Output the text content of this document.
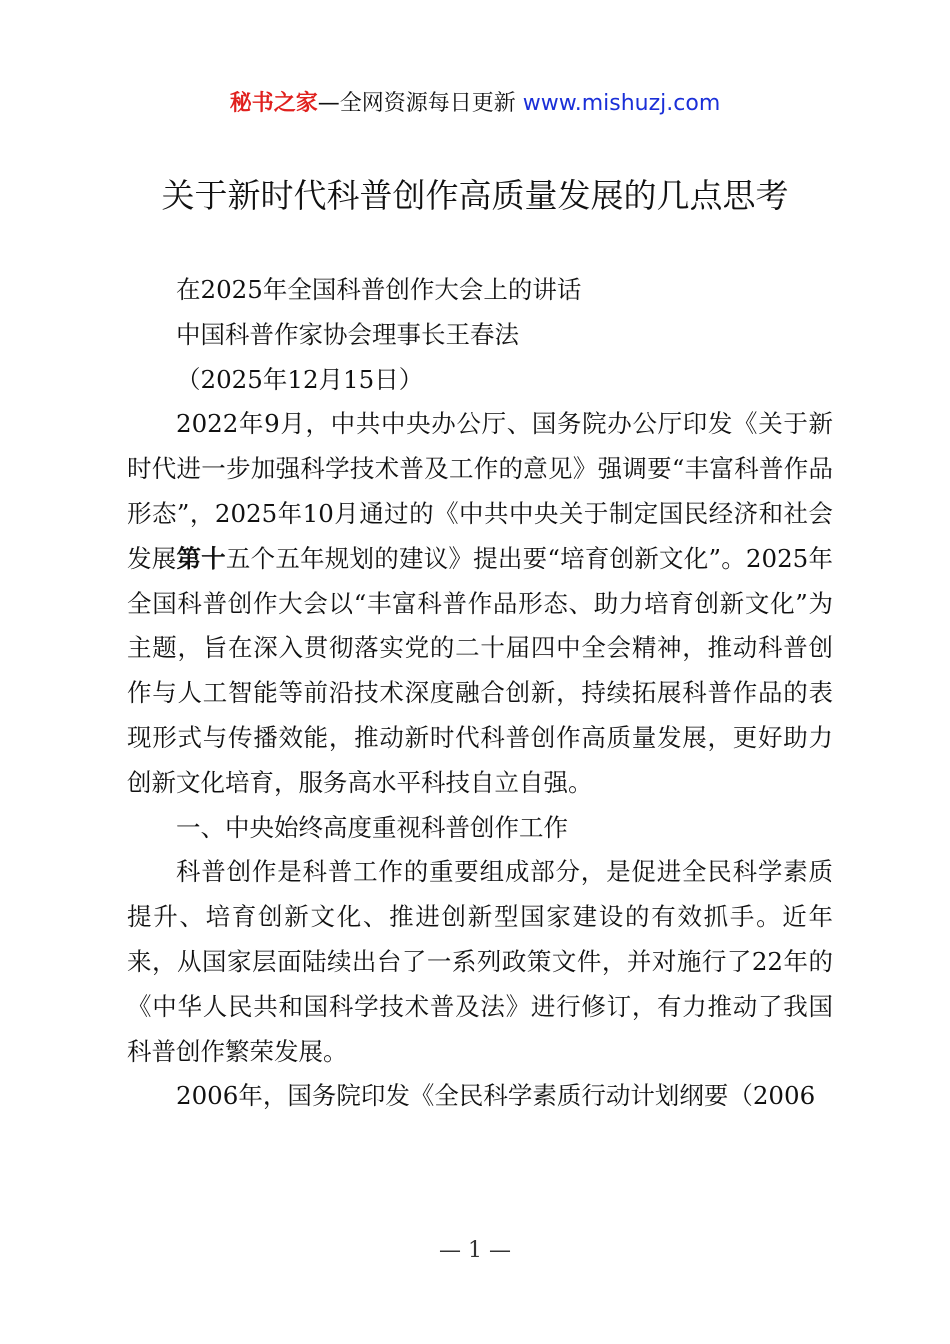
秘书之家—全网资源每日更新 www.mishuzj.com
关于新时代科普创作高质量发展的几点思考

在2025年全国科普创作大会上的讲话

中国科普作家协会理事长王春法

（2025年12月15日）

2022年9月，中共中央办公厅、国务院办公厅印发《关于新时代进一步加强科学技术普及工作的意见》强调要“丰富科普作品形态”，2025年10月通过的《中共中央关于制定国民经济和社会发展第十五个五年规划的建议》提出要“培育创新文化”。2025年全国科普创作大会以“丰富科普作品形态、助力培育创新文化”为主题，旨在深入贯彻落实党的二十届四中全会精神，推动科普创作与人工智能等前沿技术深度融合创新，持续拓展科普作品的表现形式与传播效能，推动新时代科普创作高质量发展，更好助力创新文化培育，服务高水平科技自立自强。

一、中央始终高度重视科普创作工作

科普创作是科普工作的重要组成部分，是促进全民科学素质提升、培育创新文化、推进创新型国家建设的有效抓手。近年来，从国家层面陆续出台了一系列政策文件，并对施行了22年的《中华人民共和国科学技术普及法》进行修订，有力推动了我国科普创作繁荣发展。

2006年，国务院印发《全民科学素质行动计划纲要（2006

— 1 —
